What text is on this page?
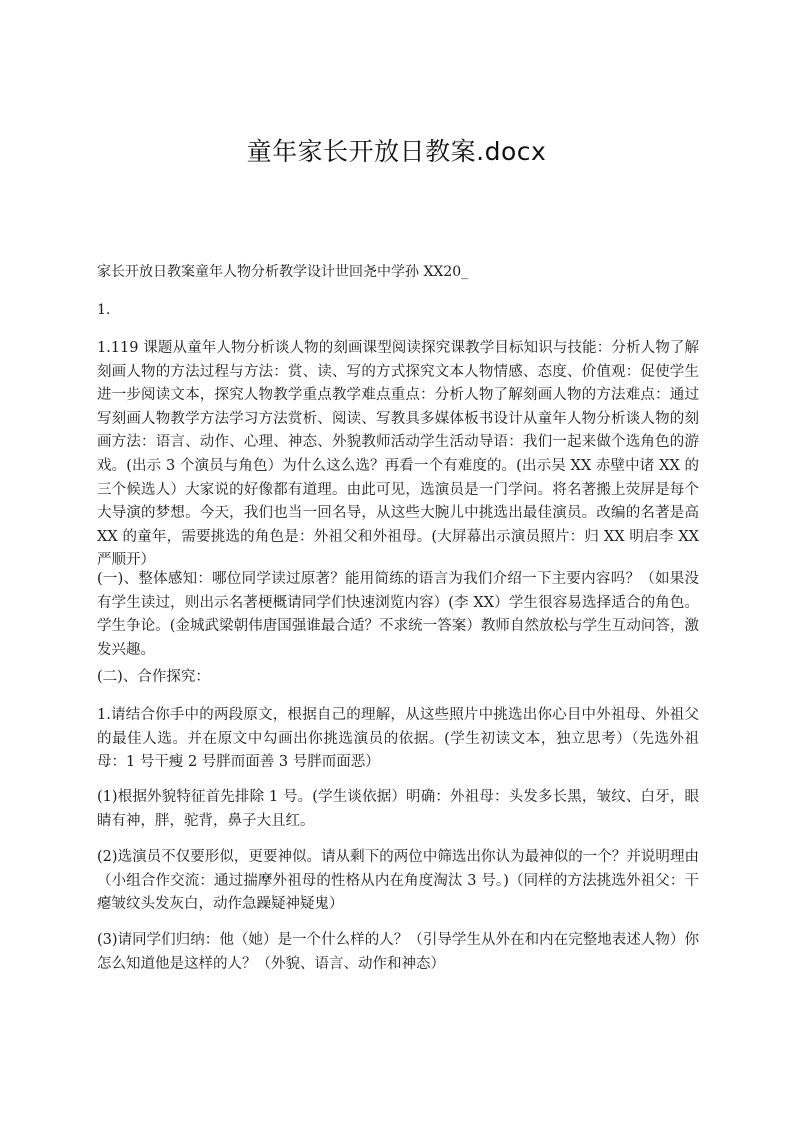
童年家长开放日教案.docx
家长开放日教案童年人物分析教学设计世回尧中学孙 XX20_
1.

1.119 课题从童年人物分析谈人物的刻画课型阅读探究课教学目标知识与技能：分析人物了解刻画人物的方法过程与方法：赏、读、写的方式探究文本人物情感、态度、价值观：促使学生进一步阅读文本，探究人物教学重点教学难点重点：分析人物了解刻画人物的方法难点：通过写刻画人物教学方法学习方法赏析、阅读、写教具多媒体板书设计从童年人物分析谈人物的刻画方法：语言、动作、心理、神态、外貌教师活动学生活动导语：我们一起来做个选角色的游戏。(出示 3 个演员与角色）为什么这么选？再看一个有难度的。(出示吴 XX 赤壁中诸 XX 的三个候选人）大家说的好像都有道理。由此可见，选演员是一门学问。将名著搬上荧屏是每个大导演的梦想。今天，我们也当一回名导，从这些大腕儿中挑选出最佳演员。改编的名著是高 XX 的童年，需要挑选的角色是：外祖父和外祖母。(大屏幕出示演员照片：归 XX 明启李 XX 严顺开）

(一)、整体感知：哪位同学读过原著？能用简练的语言为我们介绍一下主要内容吗？（如果没有学生读过，则出示名著梗概请同学们快速浏览内容）(李 XX）学生很容易选择适合的角色。学生争论。(金城武梁朝伟唐国强谁最合适？不求统一答案）教师自然放松与学生互动问答，激发兴趣。

(二)、合作探究：

1.请结合你手中的两段原文，根据自己的理解，从这些照片中挑选出你心目中外祖母、外祖父的最佳人选。并在原文中勾画出你挑选演员的依据。(学生初读文本，独立思考）（先选外祖母：1 号干瘦 2 号胖而面善 3 号胖而面恶）

(1)根据外貌特征首先排除 1 号。(学生谈依据）明确：外祖母：头发多长黑，皱纹、白牙，眼睛有神，胖，驼背，鼻子大且红。

(2)选演员不仅要形似，更要神似。请从剩下的两位中筛选出你认为最神似的一个？并说明理由（小组合作交流：通过揣摩外祖母的性格从内在角度淘汰 3 号。)（同样的方法挑选外祖父：干瘪皱纹头发灰白，动作急躁疑神疑鬼）

(3)请同学们归纳：他（她）是一个什么样的人？（引导学生从外在和内在完整地表述人物）你怎么知道他是这样的人？（外貌、语言、动作和神态）
